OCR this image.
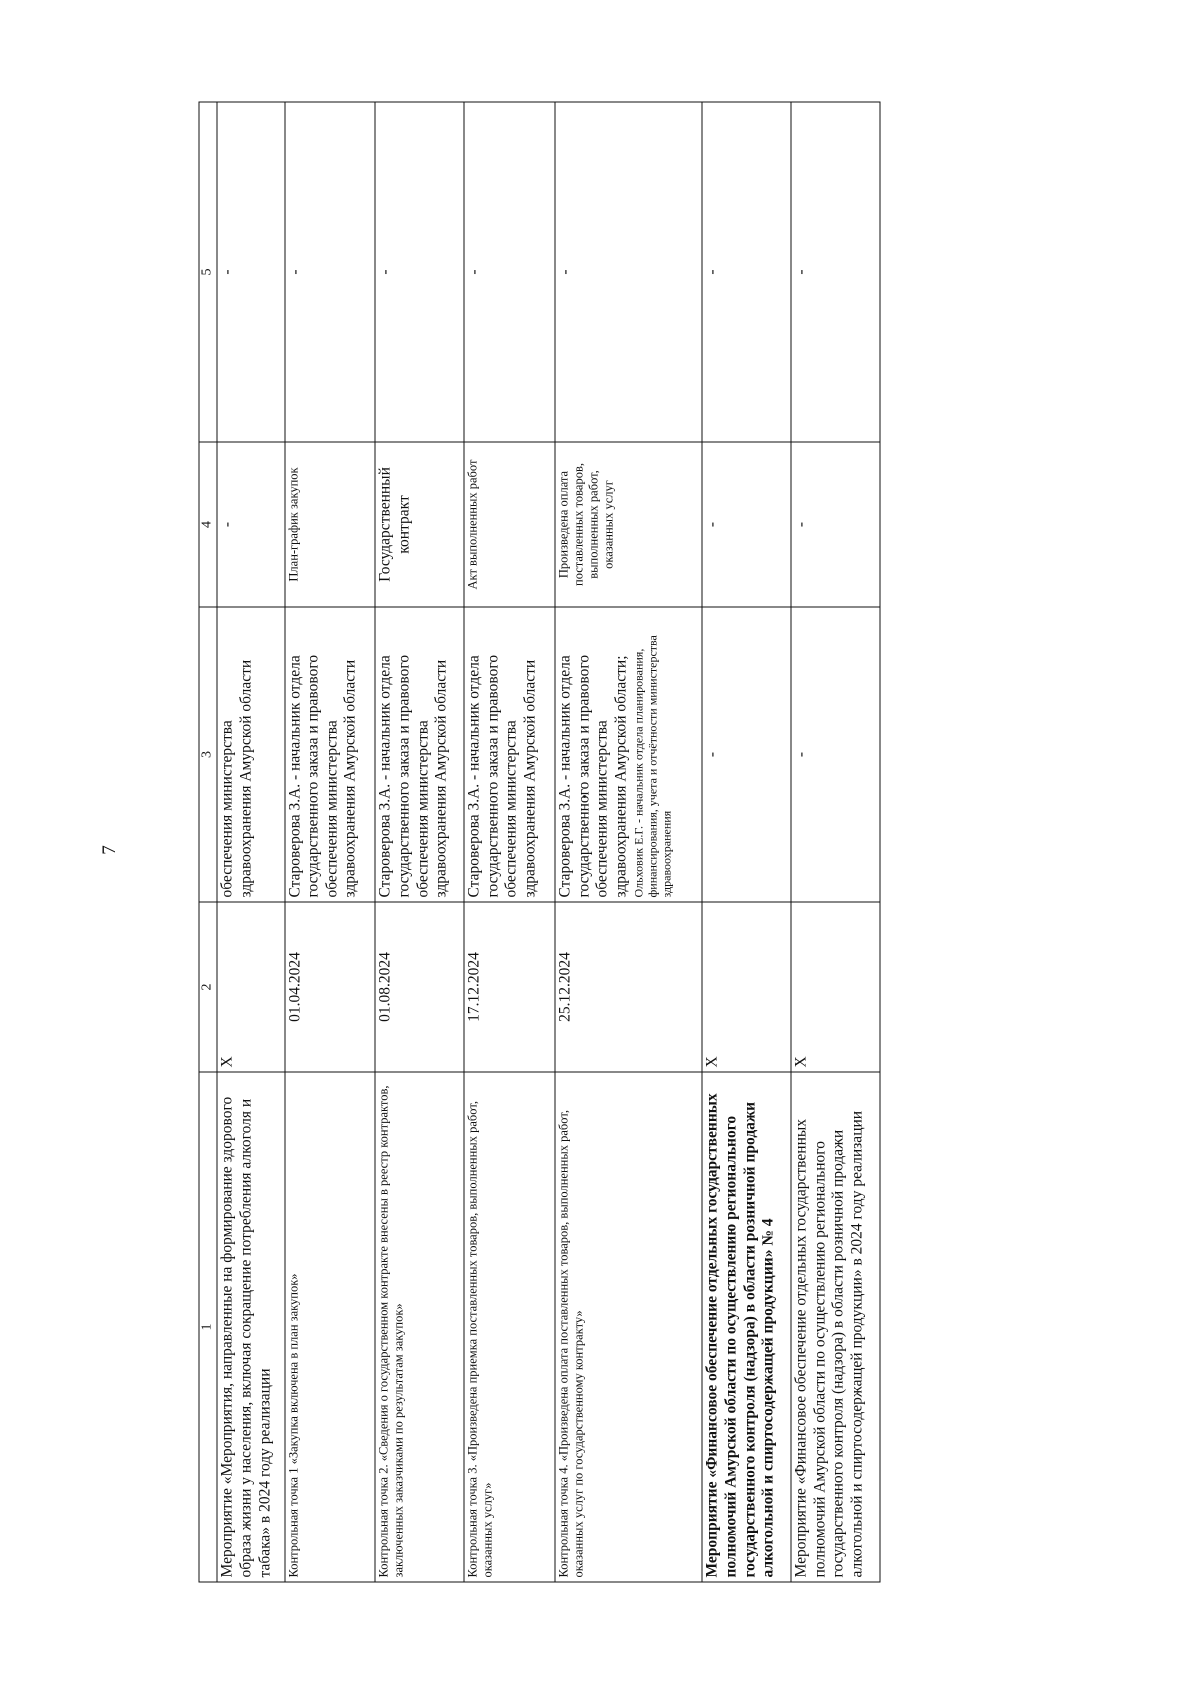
7
1	2	3	4	5
Мероприятие «Мероприятия, направленные на формирование здорового образа жизни у населения, включая сокращение потребления алкоголя и табака» в 2024 году реализации	Х	обеспечения министерства здравоохранения Амурской области	-	-
Контрольная точка 1 «Закупка включена в план закупок»	01.04.2024	Староверова З.А. - начальник отдела государственного заказа и правового обеспечения министерства здравоохранения Амурской области	План-график закупок	-
Контрольная точка 2. «Сведения о государственном контракте внесены в реестр контрактов, заключенных заказчиками по результатам закупок»	01.08.2024	Староверова З.А. - начальник отдела государственного заказа и правового обеспечения министерства здравоохранения Амурской области	Государственный контракт	-
Контрольная точка 3. «Произведена приемка поставленных товаров, выполненных работ, оказанных услуг»	17.12.2024	Староверова З.А. - начальник отдела государственного заказа и правового обеспечения министерства здравоохранения Амурской области	Акт выполненных работ	-
Контрольная точка 4. «Произведена оплата поставленных товаров, выполненных работ, оказанных услуг по государственному контракту»	25.12.2024	Староверова З.А. - начальник отдела государственного заказа и правового обеспечения министерства здравоохранения Амурской области; Ольховик Е.Г. - начальник отдела планирования, финансирования, учета и отчётности министерства здравоохранения	Произведена оплата поставленных товаров, выполненных работ, оказанных услуг	-
Мероприятие «Финансовое обеспечение отдельных государственных полномочий Амурской области по осуществлению регионального государственного контроля (надзора) в области розничной продажи алкогольной и спиртосодержащей продукции» № 4	Х	-	-	-
Мероприятие «Финансовое обеспечение отдельных государственных полномочий Амурской области по осуществлению регионального государственного контроля (надзора) в области розничной продажи алкогольной и спиртосодержащей продукции» в 2024 году реализации	Х	-	-	-
